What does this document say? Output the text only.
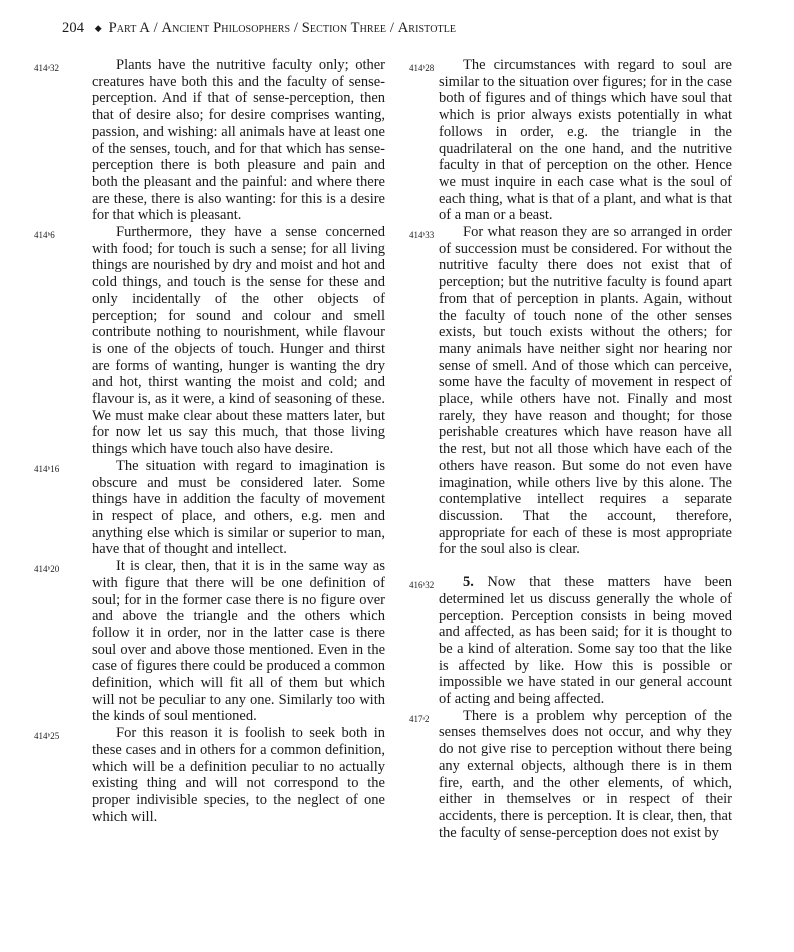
204 ◆ Part A / Ancient Philosophers / Section Three / Aristotle

414ᵃ32	Plants have the nutritive faculty only; other creatures have both this and the faculty of sense-perception. And if that of sense-perception, then that of desire also; for desire comprises wanting, passion, and wishing: all animals have at least one of the senses, touch, and for that which has sense-perception there is both pleasure and pain and both the pleasant and the painful: and where there are these, there is also wanting: for this is a desire for that which is pleasant.

414ᵇ6	Furthermore, they have a sense concerned with food; for touch is such a sense; for all living things are nourished by dry and moist and hot and cold things, and touch is the sense for these and only incidentally of the other objects of perception; for sound and colour and smell contribute nothing to nourishment, while flavour is one of the objects of touch. Hunger and thirst are forms of wanting, hunger is wanting the dry and hot, thirst wanting the moist and cold; and flavour is, as it were, a kind of seasoning of these. We must make clear about these matters later, but for now let us say this much, that those living things which have touch also have desire.

414ᵇ16	The situation with regard to imagination is obscure and must be considered later. Some things have in addition the faculty of movement in respect of place, and others, e.g. men and anything else which is similar or superior to man, have that of thought and intellect.

414ᵇ20	It is clear, then, that it is in the same way as with figure that there will be one definition of soul; for in the former case there is no figure over and above the triangle and the others which follow it in order, nor in the latter case is there soul over and above those mentioned. Even in the case of figures there could be produced a common definition, which will fit all of them but which will not be peculiar to any one. Similarly too with the kinds of soul mentioned.

414ᵇ25	For this reason it is foolish to seek both in these cases and in others for a common definition, which will be a definition peculiar to no actually existing thing and will not correspond to the proper indivisible species, to the neglect of one which will.

414ᵇ28	The circumstances with regard to soul are similar to the situation over figures; for in the case both of figures and of things which have soul that which is prior always exists potentially in what follows in order, e.g. the triangle in the quadrilateral on the one hand, and the nutritive faculty in that of perception on the other. Hence we must inquire in each case what is the soul of each thing, what is that of a plant, and what is that of a man or a beast.

414ᵇ33	For what reason they are so arranged in order of succession must be considered. For without the nutritive faculty there does not exist that of perception; but the nutritive faculty is found apart from that of perception in plants. Again, without the faculty of touch none of the other senses exists, but touch exists without the others; for many animals have neither sight nor hearing nor sense of smell. And of those which can perceive, some have the faculty of movement in respect of place, while others have not. Finally and most rarely, they have reason and thought; for those perishable creatures which have reason have all the rest, but not all those which have each of the others have reason. But some do not even have imagination, while others live by this alone. The contemplative intellect requires a separate discussion. That the account, therefore, appropriate for each of these is most appropriate for the soul also is clear.

416ᵇ32	5. Now that these matters have been determined let us discuss generally the whole of perception. Perception consists in being moved and affected, as has been said; for it is thought to be a kind of alteration. Some say too that the like is affected by like. How this is possible or impossible we have stated in our general account of acting and being affected.

417ᵃ2	There is a problem why perception of the senses themselves does not occur, and why they do not give rise to perception without there being any external objects, although there is in them fire, earth, and the other elements, of which, either in themselves or in respect of their accidents, there is perception. It is clear, then, that the faculty of sense-perception does not exist by
